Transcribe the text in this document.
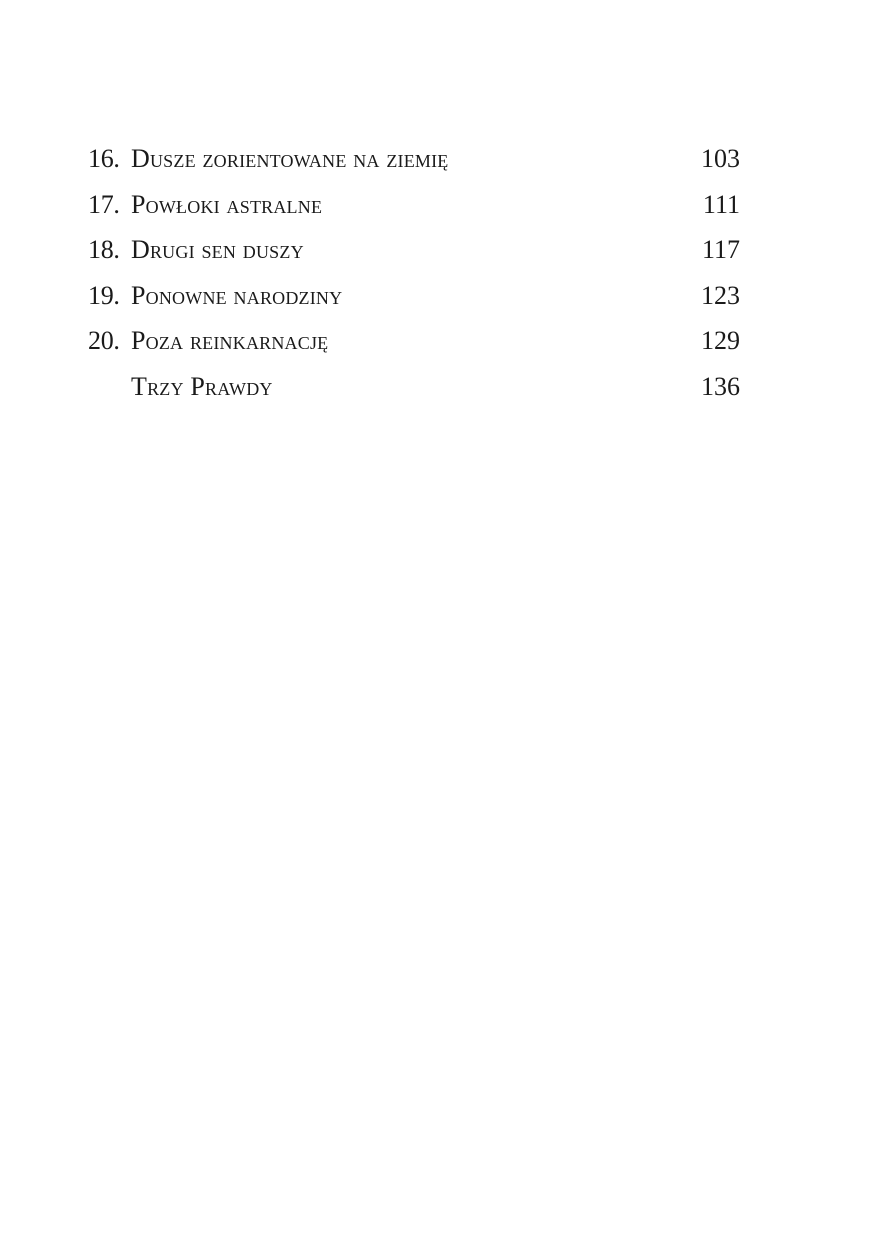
16. Dusze zorientowane na ziemię	103
17. Powłoki astralne	111
18. Drugi sen duszy	117
19. Ponowne narodziny	123
20. Poza reinkarnację	129
Trzy Prawdy	136
